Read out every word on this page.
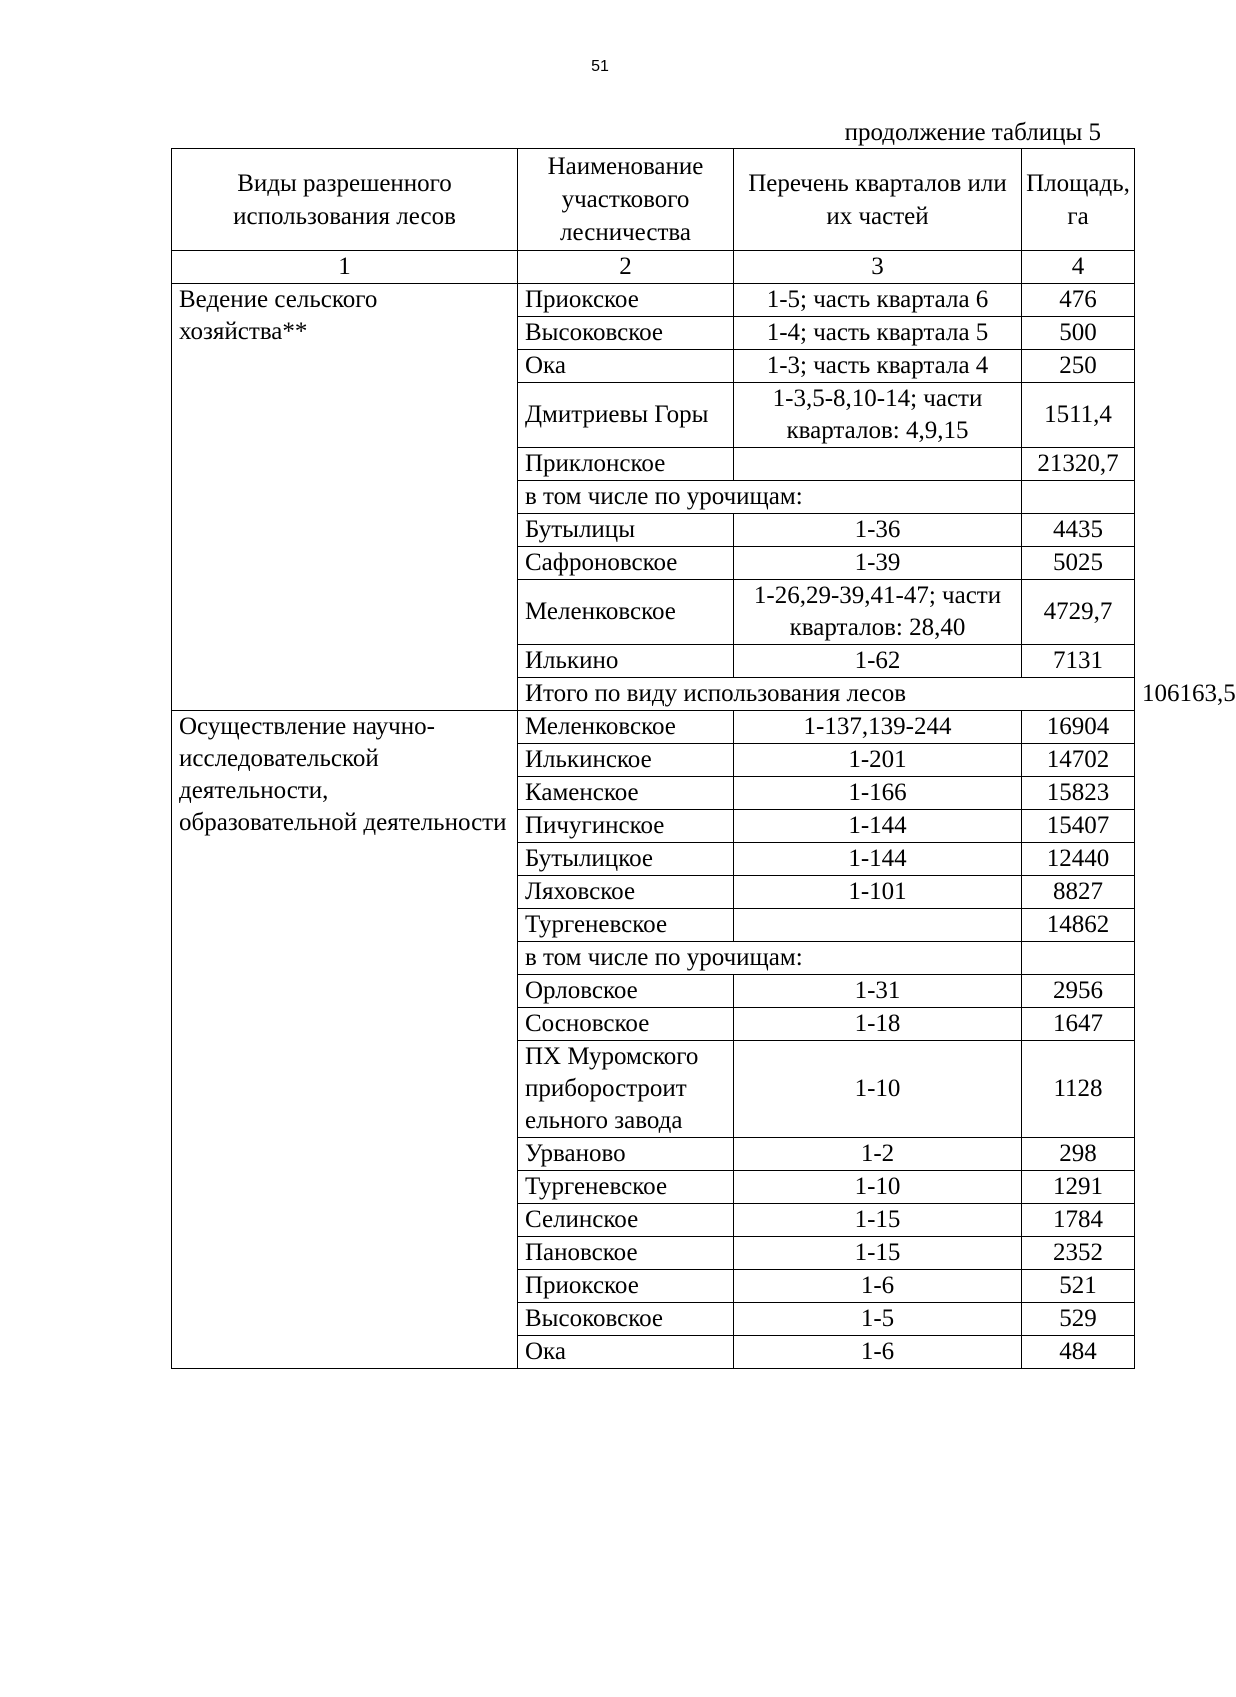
51
продолжение таблицы 5
Виды разрешенного использования лесов	Наименование участкового лесничества	Перечень кварталов или их частей	Площадь, га	
1	2	3	4	
Ведение сельского хозяйства**	Приокское	1-5; часть квартала 6	476	
	Высоковское	1-4; часть квартала 5	500	
	Ока	1-3; часть квартала 4	250	
	Дмитриевы Горы	1-3,5-8,10-14; части кварталов: 4,9,15	1511,4	
	Приклонское		21320,7	
	в том числе по урочищам:			
	Бутылицы	1-36	4435	
	Сафроновское	1-39	5025	
	Меленковское	1-26,29-39,41-47; части кварталов: 28,40	4729,7	
	Илькино	1-62	7131	
	Итого по виду использования лесов			106163,5
Осуществление научно-исследовательской деятельности, образовательной деятельности	Меленковское	1-137,139-244	16904	
	Илькинское	1-201	14702	
	Каменское	1-166	15823	
	Пичугинское	1-144	15407	
	Бутылицкое	1-144	12440	
	Ляховское	1-101	8827	
	Тургеневское		14862	
	в том числе по урочищам:			
	Орловское	1-31	2956	
	Сосновское	1-18	1647	
	ПХ Муромского приборостроит ельного завода	1-10	1128	
	Урваново	1-2	298	
	Тургеневское	1-10	1291	
	Селинское	1-15	1784	
	Пановское	1-15	2352	
	Приокское	1-6	521	
	Высоковское	1-5	529	
	Ока	1-6	484	
